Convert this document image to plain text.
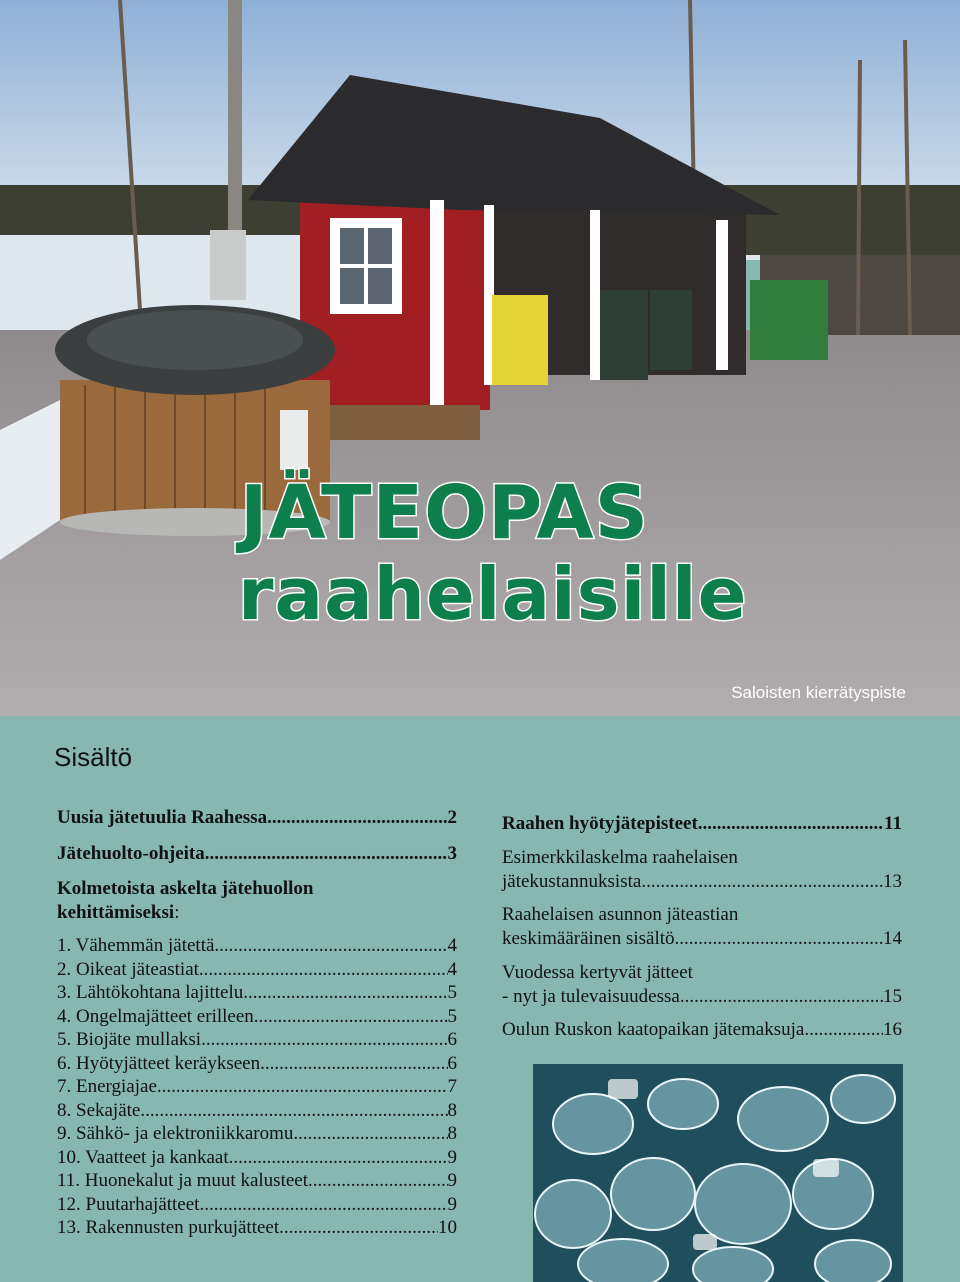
JÄTEOPAS
raahelaisille
Saloisten kierrätyspiste
Sisältö
Uusia jätetuulia Raahessa .....	2
Jätehuolto-ohjeita .....	3
Kolmetoista askelta jätehuollon
kehittämiseksi:
1. Vähemmän jätettä .....	4
2. Oikeat jäteastiat .....	4
3. Lähtökohtana lajittelu .....	5
4. Ongelmajätteet erilleen .....	5
5. Biojäte mullaksi .....	6
6. Hyötyjätteet keräykseen .....	6
7. Energiajae .....	7
8. Sekajäte .....	8
9. Sähkö- ja elektroniikkaromu .....	8
10. Vaatteet ja kankaat .....	9
11. Huonekalut ja muut kalusteet .....	9
12. Puutarhajätteet .....	9
13. Rakennusten purkujätteet .....	10
Raahen hyötyjätepisteet .....	11
Esimerkkilaskelma raahelaisen
jätekustannuksista .....	13
Raahelaisen asunnon jäteastian
keskimääräinen sisältö .....	14
Vuodessa kertyvät jätteet
- nyt ja tulevaisuudessa .....	15
Oulun Ruskon kaatopaikan jätemaksuja .....	16
